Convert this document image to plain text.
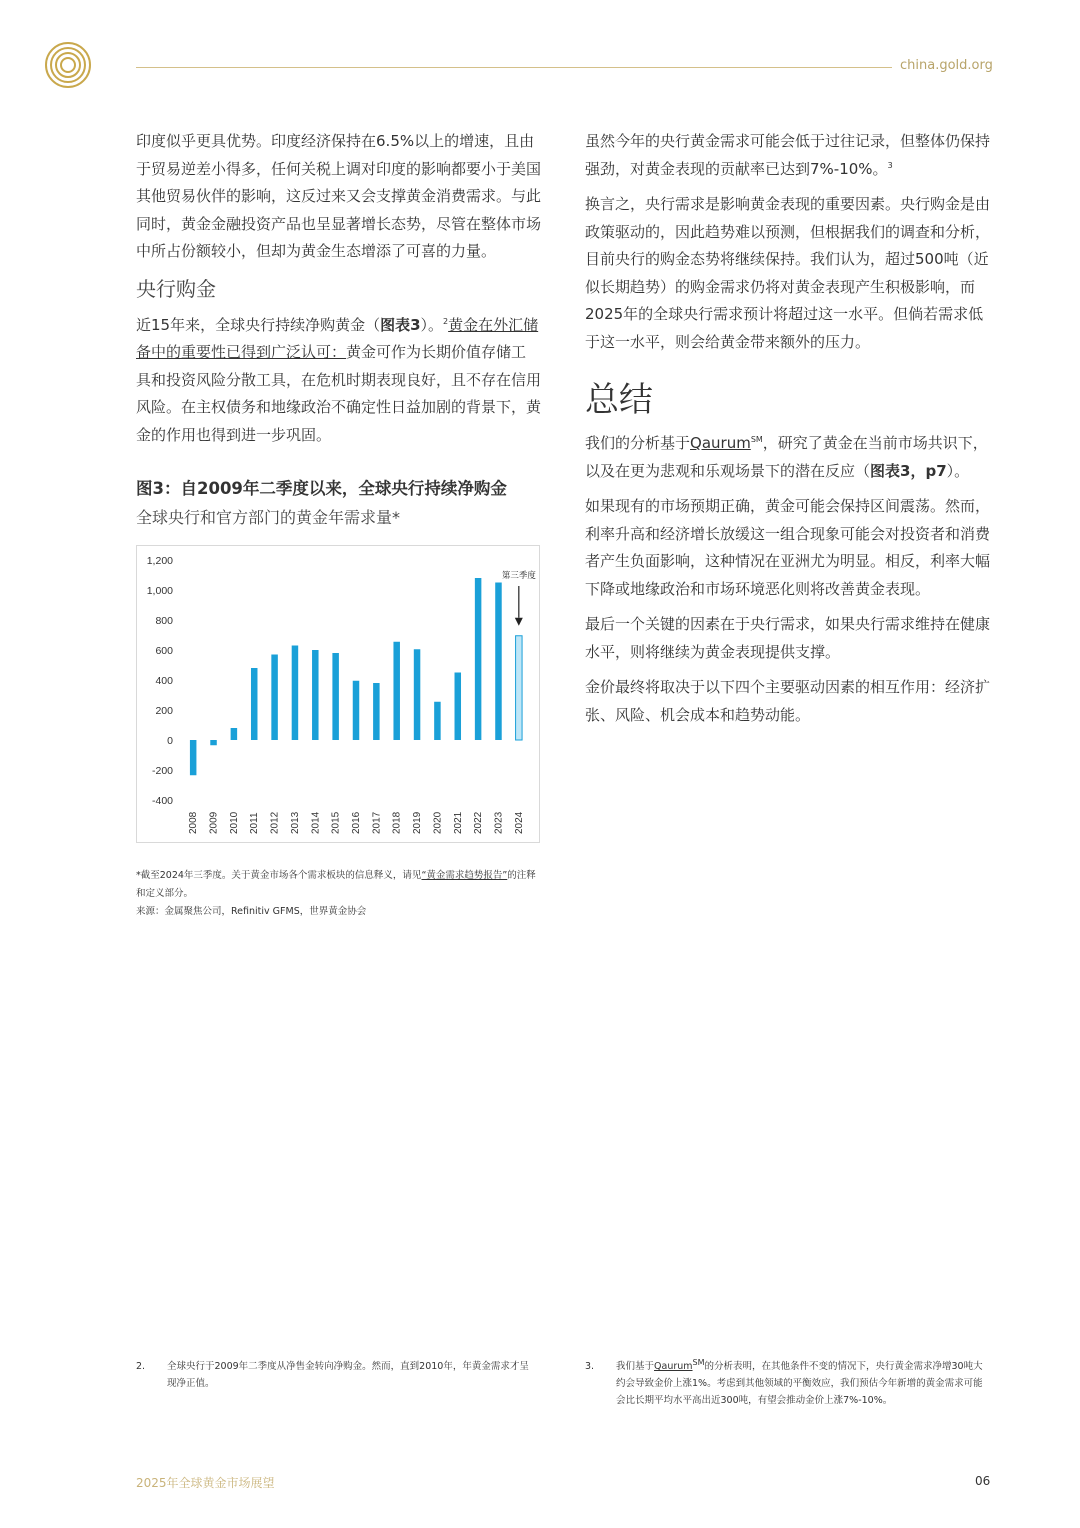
china.gold.org

印度似乎更具优势。印度经济保持在6.5%以上的增速，且由于贸易逆差小得多，任何关税上调对印度的影响都要小于美国其他贸易伙伴的影响，这反过来又会支撑黄金消费需求。与此同时，黄金金融投资产品也呈显著增长态势，尽管在整体市场中所占份额较小，但却为黄金生态增添了可喜的力量。

央行购金

近15年来，全球央行持续净购黄金（图表3）。$^2$黄金在外汇储备中的重要性已得到广泛认可：黄金可作为长期价值存储工具和投资风险分散工具，在危机时期表现良好，且不存在信用风险。在主权债务和地缘政治不确定性日益加剧的背景下，黄金的作用也得到进一步巩固。

图3：自2009年二季度以来，全球央行持续净购金
全球央行和官方部门的黄金年需求量*
-400
-200
0
200
400
600
800
1,000
1,200
2008 2009 2010 2011 2012 2013 2014 2015 2016 2017 2018 2019 2020 2021 2022 2023 2024
第三季度
*截至2024年三季度。关于黄金市场各个需求板块的信息释义，请见“黄金需求趋势报告”的注释和定义部分。
来源：金属聚焦公司，Refinitiv GFMS，世界黄金协会

虽然今年的央行黄金需求可能会低于过往记录，但整体仍保持强劲，对黄金表现的贡献率已达到7%-10%。$^3$

换言之，央行需求是影响黄金表现的重要因素。央行购金是由政策驱动的，因此趋势难以预测，但根据我们的调查和分析，目前央行的购金态势将继续保持。我们认为，超过500吨（近似长期趋势）的购金需求仍将对黄金表现产生积极影响，而2025年的全球央行需求预计将超过这一水平。但倘若需求低于这一水平，则会给黄金带来额外的压力。

总结

我们的分析基于Qaurum℠，研究了黄金在当前市场共识下，以及在更为悲观和乐观场景下的潜在反应（图表3，p7）。

如果现有的市场预期正确，黄金可能会保持区间震荡。然而，利率升高和经济增长放缓这一组合现象可能会对投资者和消费者产生负面影响，这种情况在亚洲尤为明显。相反，利率大幅下降或地缘政治和市场环境恶化则将改善黄金表现。

最后一个关键的因素在于央行需求，如果央行需求维持在健康水平，则将继续为黄金表现提供支撑。

金价最终将取决于以下四个主要驱动因素的相互作用：经济扩张、风险、机会成本和趋势动能。

2. 全球央行于2009年二季度从净售金转向净购金。然而，直到2010年，年黄金需求才呈现净正值。
3. 我们基于Qaurum℠的分析表明，在其他条件不变的情况下，央行黄金需求净增30吨大约会导致金价上涨1%。考虑到其他领域的平衡效应，我们预估今年新增的黄金需求可能会比长期平均水平高出近300吨，有望会推动金价上涨7%-10%。
2025年全球黄金市场展望	06
